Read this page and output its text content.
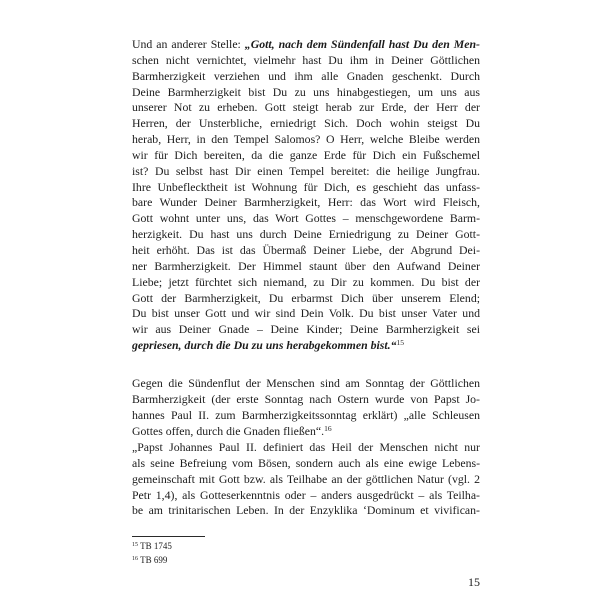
Und an anderer Stelle: „Gott, nach dem Sündenfall hast Du den Men-
schen nicht vernichtet, vielmehr hast Du ihm in Deiner Göttlichen
Barmherzigkeit verziehen und ihm alle Gnaden geschenkt. Durch
Deine Barmherzigkeit bist Du zu uns hinabgestiegen, um uns aus
unserer Not zu erheben. Gott steigt herab zur Erde, der Herr der
Herren, der Unsterbliche, erniedrigt Sich. Doch wohin steigst Du
herab, Herr, in den Tempel Salomos? O Herr, welche Bleibe werden
wir für Dich bereiten, da die ganze Erde für Dich ein Fußschemel
ist? Du selbst hast Dir einen Tempel bereitet: die heilige Jungfrau.
Ihre Unbeflecktheit ist Wohnung für Dich, es geschieht das unfass-
bare Wunder Deiner Barmherzigkeit, Herr: das Wort wird Fleisch,
Gott wohnt unter uns, das Wort Gottes – menschgewordene Barm-
herzigkeit. Du hast uns durch Deine Erniedrigung zu Deiner Gott-
heit erhöht. Das ist das Übermaß Deiner Liebe, der Abgrund Dei-
ner Barmherzigkeit. Der Himmel staunt über den Aufwand Deiner
Liebe; jetzt fürchtet sich niemand, zu Dir zu kommen. Du bist der
Gott der Barmherzigkeit, Du erbarmst Dich über unserem Elend;
Du bist unser Gott und wir sind Dein Volk. Du bist unser Vater und
wir aus Deiner Gnade – Deine Kinder; Deine Barmherzigkeit sei
gepriesen, durch die Du zu uns herabgekommen bist.“$^{15}$
Gegen die Sündenflut der Menschen sind am Sonntag der Göttlichen
Barmherzigkeit (der erste Sonntag nach Ostern wurde von Papst Jo-
hannes Paul II. zum Barmherzigkeitssonntag erklärt) „alle Schleusen
Gottes offen, durch die Gnaden fließen“.$^{16}$
„Papst Johannes Paul II. definiert das Heil der Menschen nicht nur
als seine Befreiung vom Bösen, sondern auch als eine ewige Lebens-
gemeinschaft mit Gott bzw. als Teilhabe an der göttlichen Natur (vgl. 2
Petr 1,4), als Gotteserkenntnis oder – anders ausgedrückt – als Teilha-
be am trinitarischen Leben. In der Enzyklika ‘Dominum et vivifican-
$^{15}$ TB 1745
$^{16}$ TB 699
15
